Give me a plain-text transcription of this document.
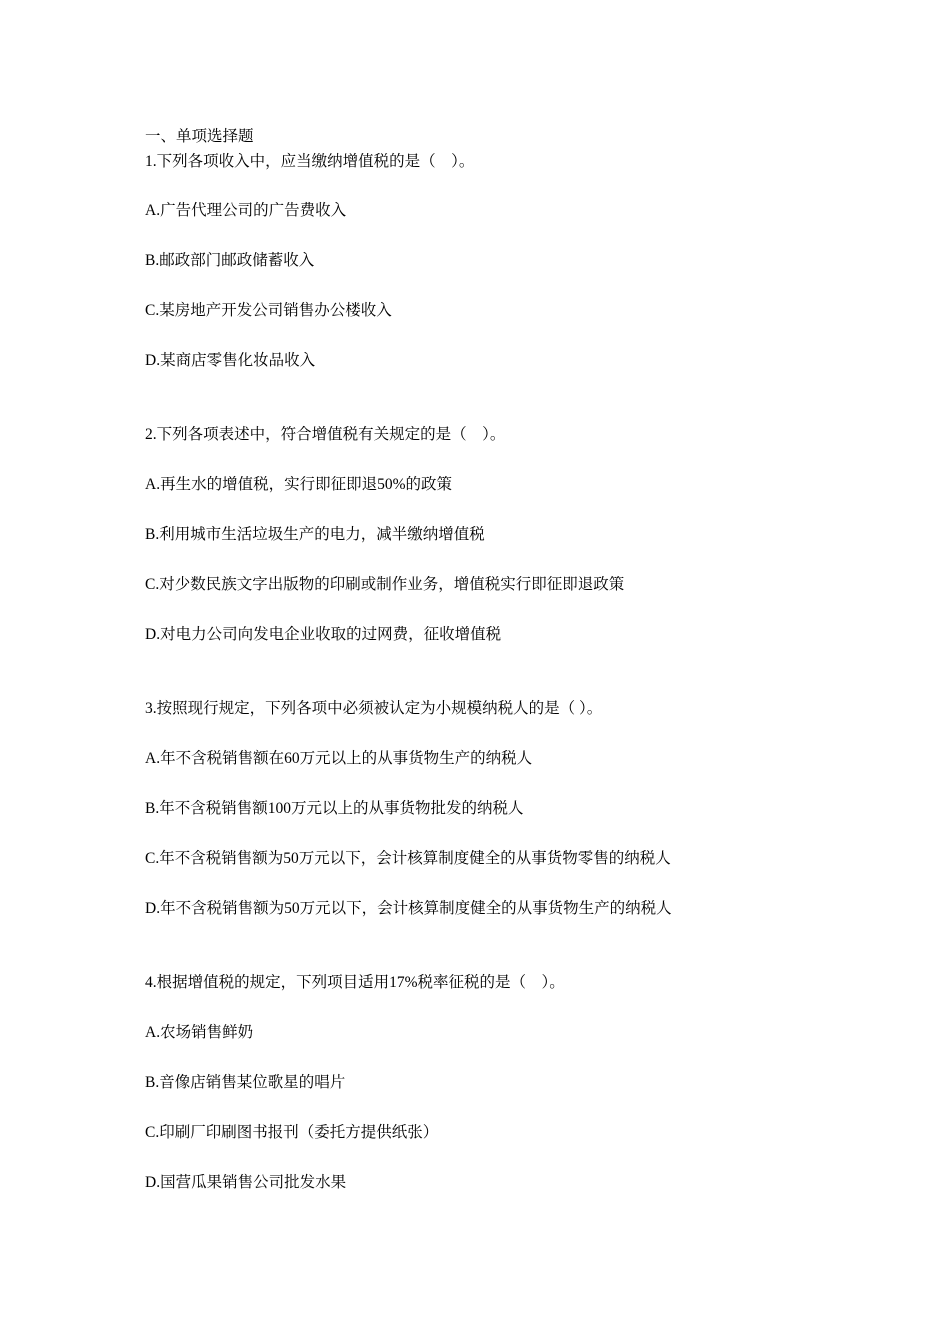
一、单项选择题
1.下列各项收入中，应当缴纳增值税的是（　）。
A.广告代理公司的广告费收入
B.邮政部门邮政储蓄收入
C.某房地产开发公司销售办公楼收入
D.某商店零售化妆品收入
2.下列各项表述中，符合增值税有关规定的是（　）。
A.再生水的增值税，实行即征即退50%的政策
B.利用城市生活垃圾生产的电力，减半缴纳增值税
C.对少数民族文字出版物的印刷或制作业务，增值税实行即征即退政策
D.对电力公司向发电企业收取的过网费，征收增值税
3.按照现行规定，下列各项中必须被认定为小规模纳税人的是（ ）。
A.年不含税销售额在60万元以上的从事货物生产的纳税人
B.年不含税销售额100万元以上的从事货物批发的纳税人
C.年不含税销售额为50万元以下，会计核算制度健全的从事货物零售的纳税人
D.年不含税销售额为50万元以下，会计核算制度健全的从事货物生产的纳税人
4.根据增值税的规定，下列项目适用17%税率征税的是（　）。
A.农场销售鲜奶
B.音像店销售某位歌星的唱片
C.印刷厂印刷图书报刊（委托方提供纸张）
D.国营瓜果销售公司批发水果
